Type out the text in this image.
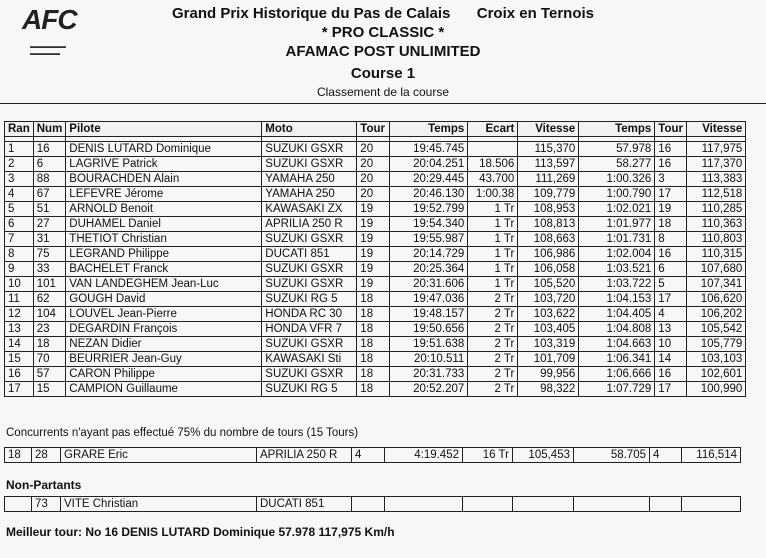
AFC
▬▬▬▬▬▬
▬▬▬▬▬
Grand Prix Historique du Pas de Calais Croix en Ternois
* PRO CLASSIC *
AFAMAC POST UNLIMITED
Course 1
Classement de la course
Ran	Num	Pilote	Moto	Tour	Temps	Ecart	Vitesse	Temps	Tour	Vitesse

1	16	DENIS LUTARD Dominique	SUZUKI GSXR	20	19:45.745		115,370	57.978	16	117,975
2	6	LAGRIVE Patrick	SUZUKI GSXR	20	20:04.251	18.506	113,597	58.277	16	117,370
3	88	BOURACHDEN Alain	YAMAHA 250	20	20:29.445	43.700	111,269	1:00.326	3	113,383
4	67	LEFEVRE Jérome	YAMAHA 250	20	20:46.130	1:00.38	109,779	1:00.790	17	112,518
5	51	ARNOLD Benoit	KAWASAKI ZX	19	19:52.799	1 Tr	108,953	1:02.021	19	110,285
6	27	DUHAMEL Daniel	APRILIA 250 R	19	19:54.340	1 Tr	108,813	1:01.977	18	110,363
7	31	THETIOT Christian	SUZUKI GSXR	19	19:55.987	1 Tr	108,663	1:01.731	8	110,803
8	75	LEGRAND Philippe	DUCATI 851	19	20:14.729	1 Tr	106,986	1:02.004	16	110,315
9	33	BACHELET Franck	SUZUKI GSXR	19	20:25.364	1 Tr	106,058	1:03.521	6	107,680
10	101	VAN LANDEGHEM Jean-Luc	SUZUKI GSXR	19	20:31.606	1 Tr	105,520	1:03.722	5	107,341
11	62	GOUGH David	SUZUKI RG 5	18	19:47.036	2 Tr	103,720	1:04.153	17	106,620
12	104	LOUVEL Jean-Pierre	HONDA RC 30	18	19:48.157	2 Tr	103,622	1:04.405	4	106,202
13	23	DEGARDIN François	HONDA VFR 7	18	19:50.656	2 Tr	103,405	1:04.808	13	105,542
14	18	NEZAN Didier	SUZUKI GSXR	18	19:51.638	2 Tr	103,319	1:04.663	10	105,779
15	70	BEURRIER Jean-Guy	KAWASAKI Sti	18	20:10.511	2 Tr	101,709	1:06.341	14	103,103
16	57	CARON Philippe	SUZUKI GSXR	18	20:31.733	2 Tr	99,956	1:06.666	16	102,601
17	15	CAMPION Guillaume	SUZUKI RG 5	18	20:52.207	2 Tr	98,322	1:07.729	17	100,990
Concurrents n'ayant pas effectué 75% du nombre de tours (15 Tours)
18	28	GRARE Eric	APRILIA 250 R	4	4:19.452	16 Tr	105,453	58.705	4	116,514
Non-Partants
	73	VITE Christian	DUCATI 851							
Meilleur tour: No 16 DENIS LUTARD Dominique 57.978 117,975 Km/h
